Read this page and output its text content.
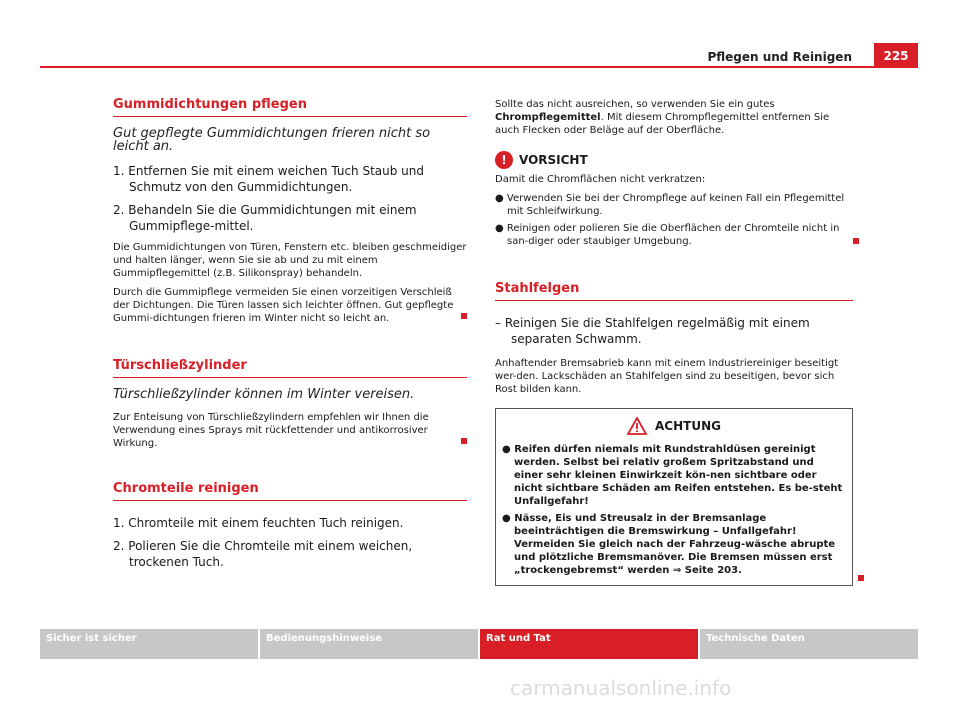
Pflegen und Reinigen	225
Gummidichtungen pflegen
Gut gepflegte Gummidichtungen frieren nicht so leicht an.
1. Entfernen Sie mit einem weichen Tuch Staub und Schmutz von den Gummidichtungen.
2. Behandeln Sie die Gummidichtungen mit einem Gummipflege-mittel.

Die Gummidichtungen von Türen, Fenstern etc. bleiben geschmeidiger und halten länger, wenn Sie sie ab und zu mit einem Gummipflegemittel (z.B. Silikonspray) behandeln.

Durch die Gummipflege vermeiden Sie einen vorzeitigen Verschleiß der Dichtungen. Die Türen lassen sich leichter öffnen. Gut gepflegte Gummi-dichtungen frieren im Winter nicht so leicht an.

Türschließzylinder
Türschließzylinder können im Winter vereisen.

Zur Enteisung von Türschließzylindern empfehlen wir Ihnen die Verwendung eines Sprays mit rückfettender und antikorrosiver Wirkung.

Chromteile reinigen
1. Chromteile mit einem feuchten Tuch reinigen.
2. Polieren Sie die Chromteile mit einem weichen, trockenen Tuch.

Sollte das nicht ausreichen, so verwenden Sie ein gutes Chrompflegemittel. Mit diesem Chrompflegemittel entfernen Sie auch Flecken oder Beläge auf der Oberfläche.

!	VORSICHT

Damit die Chromflächen nicht verkratzen:

● Verwenden Sie bei der Chrompflege auf keinen Fall ein Pflegemittel mit Schleifwirkung.
● Reinigen oder polieren Sie die Oberflächen der Chromteile nicht in san-diger oder staubiger Umgebung.
Stahlfelgen
– Reinigen Sie die Stahlfelgen regelmäßig mit einem separaten Schwamm.

Anhaftender Bremsabrieb kann mit einem Industriereiniger beseitigt wer-den. Lackschäden an Stahlfelgen sind zu beseitigen, bevor sich Rost bilden kann.

ACHTUNG
● Reifen dürfen niemals mit Rundstrahldüsen gereinigt werden. Selbst bei relativ großem Spritzabstand und einer sehr kleinen Einwirkzeit kön-nen sichtbare oder nicht sichtbare Schäden am Reifen entstehen. Es be-steht Unfallgefahr!
● Nässe, Eis und Streusalz in der Bremsanlage beeinträchtigen die Bremswirkung – Unfallgefahr! Vermeiden Sie gleich nach der Fahrzeug-wäsche abrupte und plötzliche Bremsmanöver. Die Bremsen müssen erst „trockengebremst“ werden ⇒ Seite 203.
Sicher ist sicher	Bedienungshinweise	Rat und Tat	Technische Daten
carmanualsonline.info
